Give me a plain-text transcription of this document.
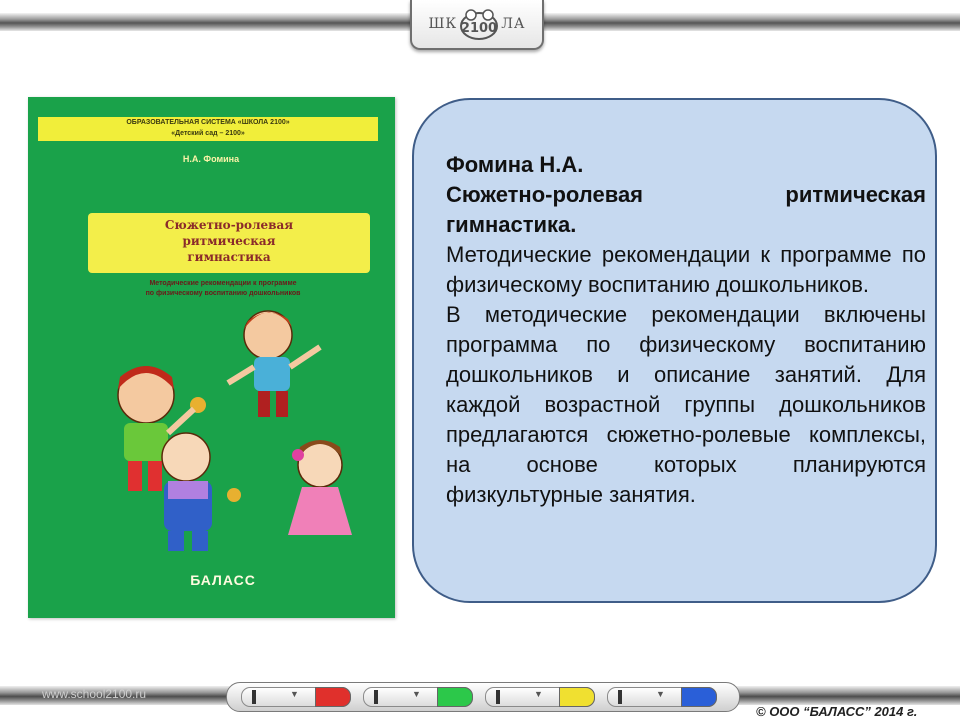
ШК 2100 ЛА
ОБРАЗОВАТЕЛЬНАЯ СИСТЕМА «ШКОЛА 2100»
«Детский сад – 2100»
Н.А. Фомина
Сюжетно-ролевая
ритмическая
гимнастика
Методические рекомендации к программе
по физическому воспитанию дошкольников
БАЛАСС

Фомина Н.А.

Сюжетно-ролевая ритмическая гимнастика.

Методические рекомендации к программе по физическому воспитанию дошкольников.

В методические рекомендации включены программа по физическому воспитанию дошкольников и описание занятий. Для каждой возрастной группы дошкольников предлагаются сюжетно-ролевые комплексы, на основе которых планируются физкультурные занятия.

www.school2100.ru	▼	▼	▼	▼
© ООО “БАЛАСС” 2014 г.
